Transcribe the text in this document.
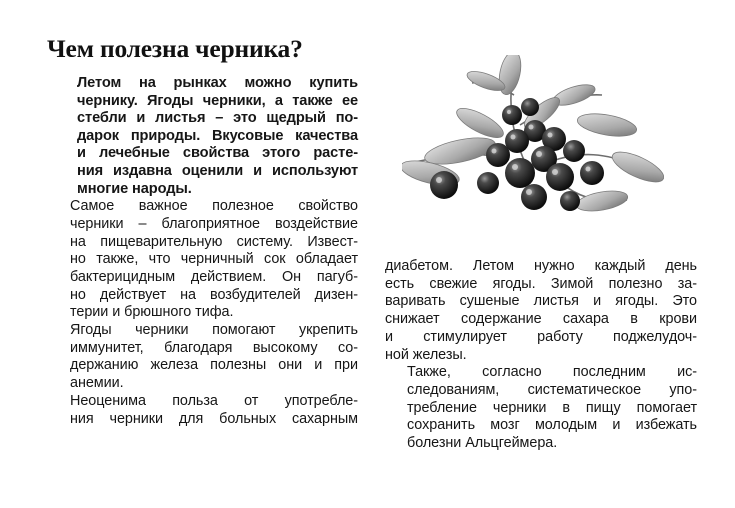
Чем полезна черника?

Летом на рынках можно купить
чернику. Ягоды черники, а также ее
стебли и листья – это щедрый по-
дарок природы. Вкусовые качества
и лечебные свойства этого расте-
ния издавна оценили и используют
многие народы.

Самое важное полезное свойство
черники – благоприятное воздействие
на пищеварительную систему. Извест-
но также, что черничный сок обладает
бактерицидным действием. Он пагуб-
но действует на возбудителей дизен-
терии и брюшного тифа.

Ягоды черники помогают укрепить
иммунитет, благодаря высокому со-
держанию железа полезны они и при
анемии.

Неоценима польза от употребле-
ния черники для больных сахарным

диабетом. Летом нужно каждый день
есть свежие ягоды. Зимой полезно за-
варивать сушеные листья и ягоды. Это
снижает содержание сахара в крови
и стимулирует работу поджелудоч-
ной железы.

Также, согласно последним ис-
следованиям, систематическое упо-
требление черники в пищу помогает
сохранить мозг молодым и избежать
болезни Альцгеймера.
